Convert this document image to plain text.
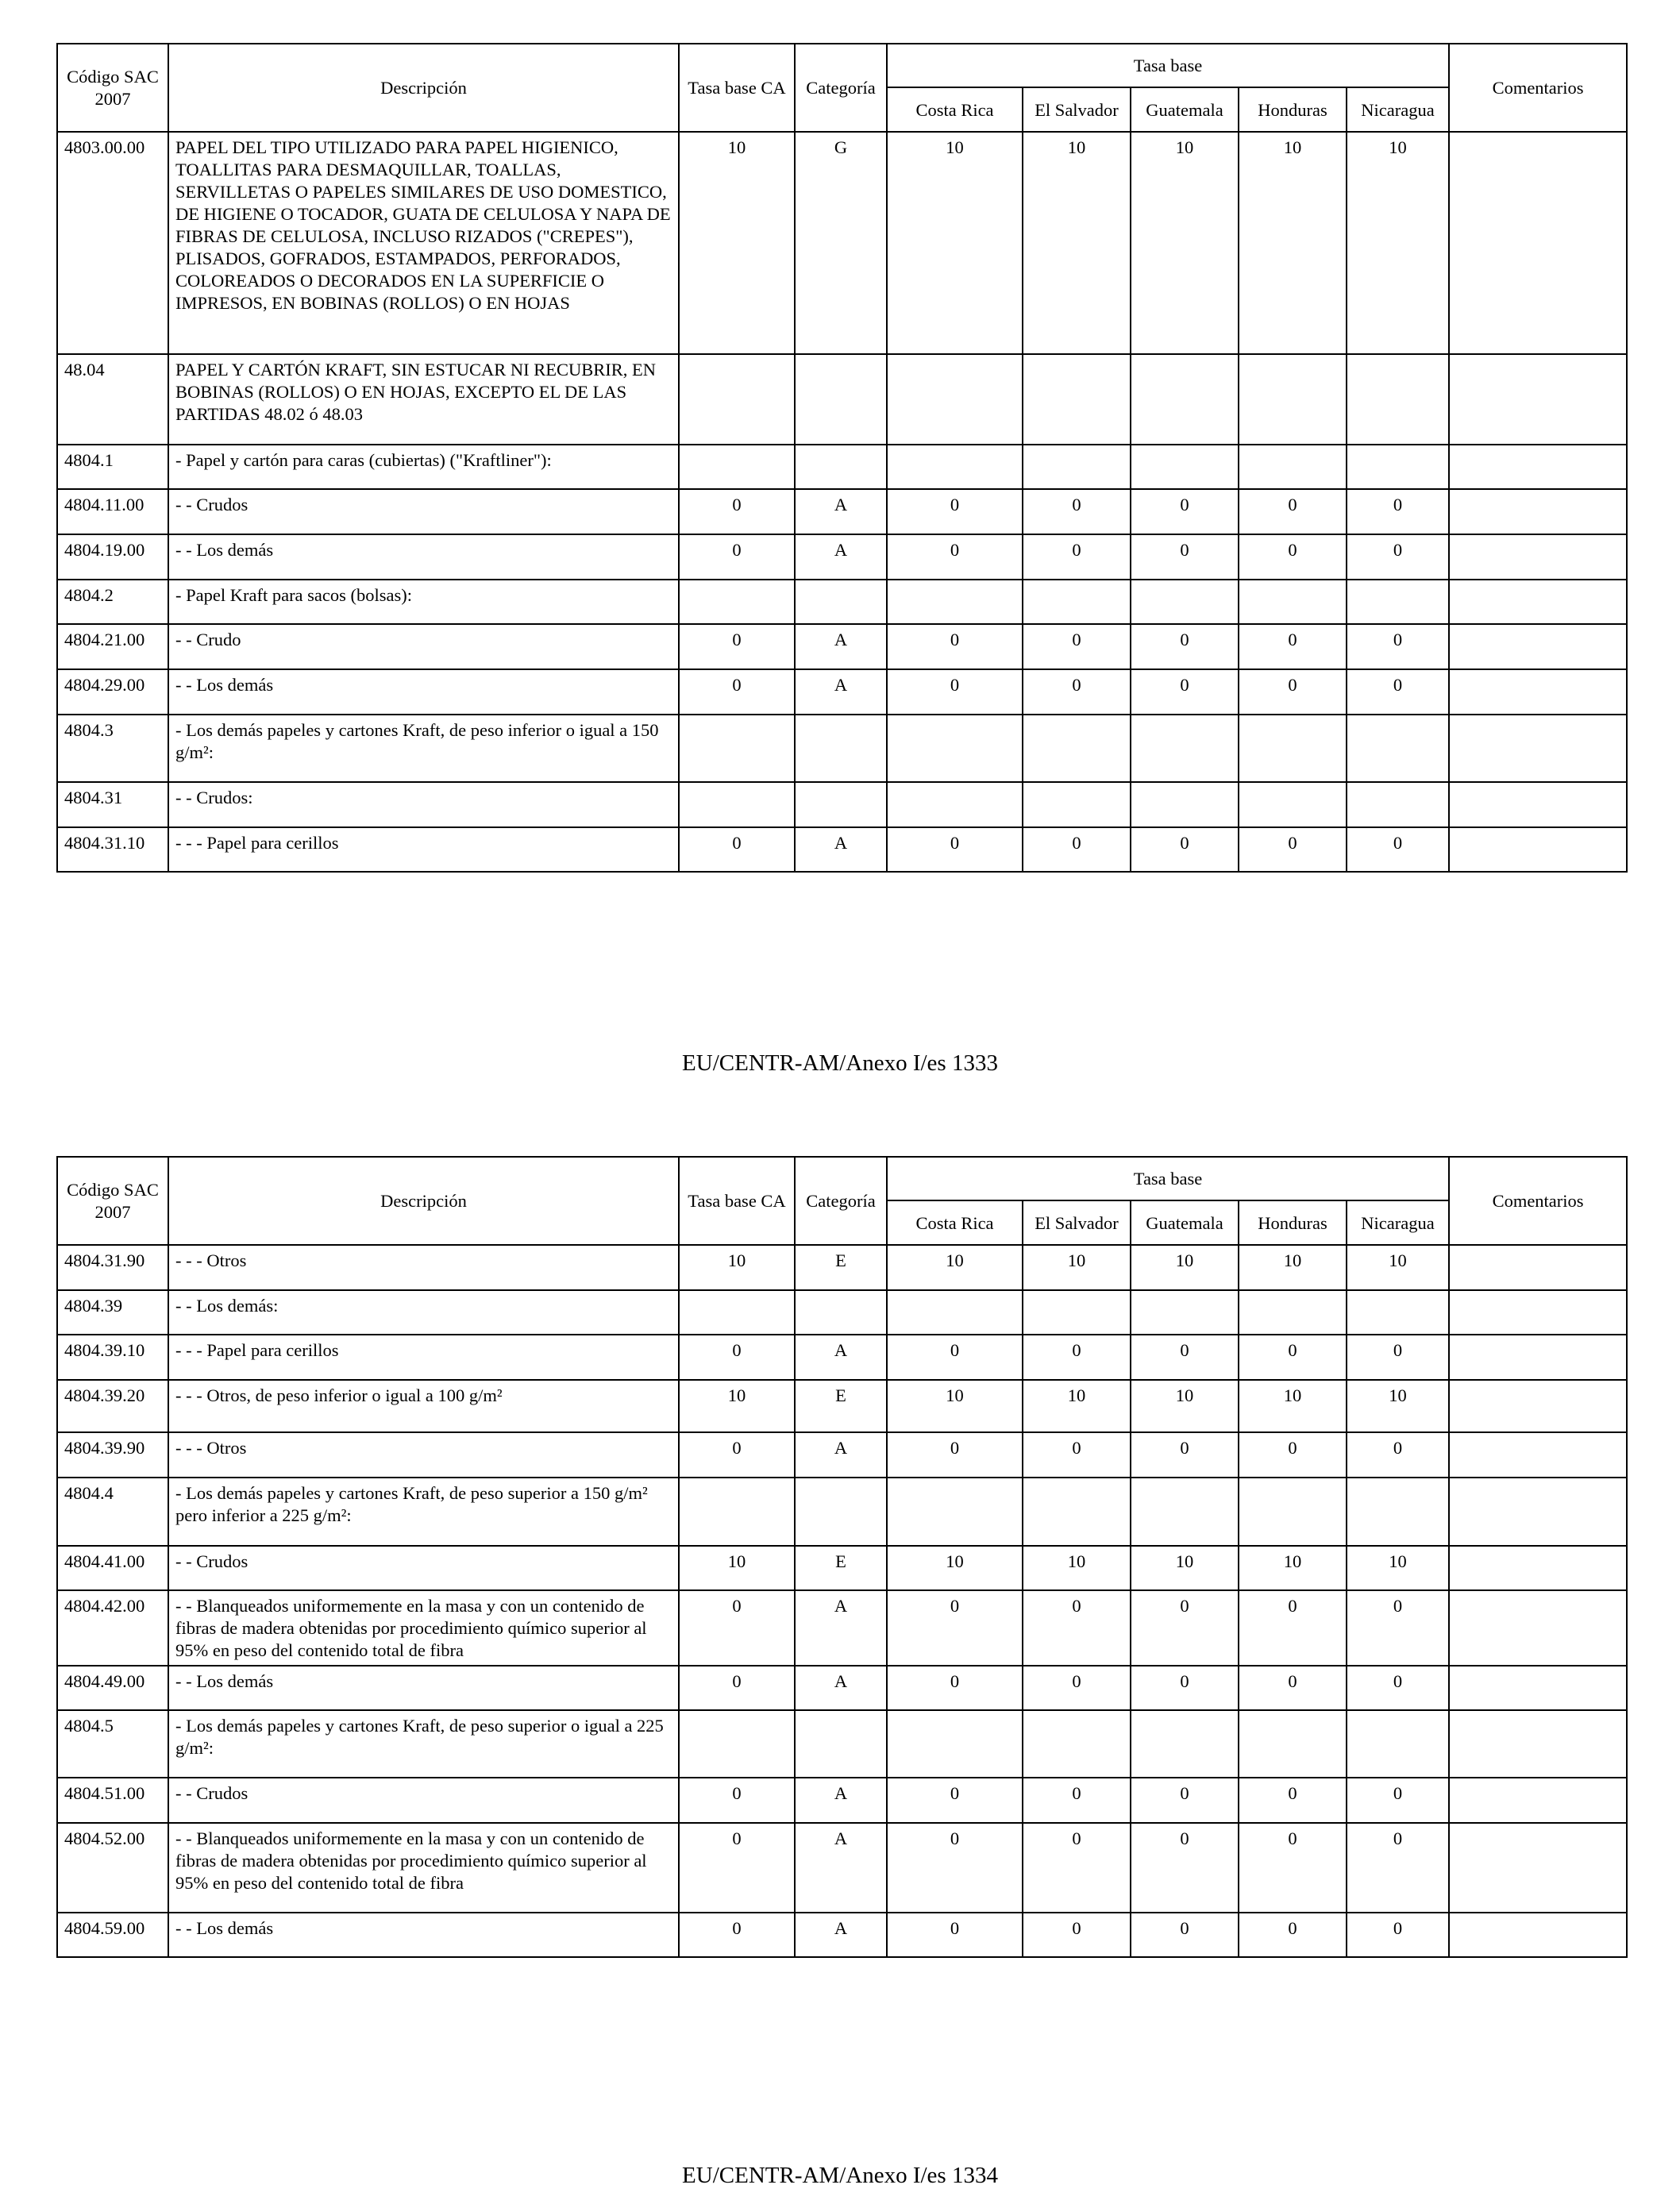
Código SAC 2007	Descripción	Tasa base CA	Categoría	Tasa base					Comentarios
				Costa Rica	El Salvador	Guatemala	Honduras	Nicaragua	
4803.00.00	PAPEL DEL TIPO UTILIZADO PARA PAPEL HIGIENICO, TOALLITAS PARA DESMAQUILLAR, TOALLAS, SERVILLETAS O PAPELES SIMILARES DE USO DOMESTICO, DE HIGIENE O TOCADOR, GUATA DE CELULOSA Y NAPA DE FIBRAS DE CELULOSA, INCLUSO RIZADOS ("CREPES"), PLISADOS, GOFRADOS, ESTAMPADOS, PERFORADOS, COLOREADOS O DECORADOS EN LA SUPERFICIE O IMPRESOS, EN BOBINAS (ROLLOS) O EN HOJAS	10	G	10	10	10	10	10	
48.04	PAPEL Y CARTÓN KRAFT, SIN ESTUCAR NI RECUBRIR, EN BOBINAS (ROLLOS) O EN HOJAS, EXCEPTO EL DE LAS PARTIDAS 48.02 ó 48.03								
4804.1	- Papel y cartón para caras (cubiertas) ("Kraftliner"):								
4804.11.00	- - Crudos	0	A	0	0	0	0	0	
4804.19.00	- - Los demás	0	A	0	0	0	0	0	
4804.2	- Papel Kraft para sacos (bolsas):								
4804.21.00	- - Crudo	0	A	0	0	0	0	0	
4804.29.00	- - Los demás	0	A	0	0	0	0	0	
4804.3	- Los demás papeles y cartones Kraft, de peso inferior o igual a 150 g/m²:								
4804.31	- - Crudos:								
4804.31.10	- - - Papel para cerillos	0	A	0	0	0	0	0	
EU/CENTR-AM/Anexo I/es 1333
Código SAC 2007	Descripción	Tasa base CA	Categoría	Tasa base					Comentarios
				Costa Rica	El Salvador	Guatemala	Honduras	Nicaragua	
4804.31.90	- - - Otros	10	E	10	10	10	10	10	
4804.39	- - Los demás:								
4804.39.10	- - - Papel para cerillos	0	A	0	0	0	0	0	
4804.39.20	- - - Otros, de peso inferior o igual a 100 g/m²	10	E	10	10	10	10	10	
4804.39.90	- - - Otros	0	A	0	0	0	0	0	
4804.4	- Los demás papeles y cartones Kraft, de peso superior a 150 g/m² pero inferior a 225 g/m²:								
4804.41.00	- - Crudos	10	E	10	10	10	10	10	
4804.42.00	- - Blanqueados uniformemente en la masa y con un contenido de fibras de madera obtenidas por procedimiento químico superior al 95% en peso del contenido total de fibra	0	A	0	0	0	0	0	
4804.49.00	- - Los demás	0	A	0	0	0	0	0	
4804.5	- Los demás papeles y cartones Kraft, de peso superior o igual a 225 g/m²:								
4804.51.00	- - Crudos	0	A	0	0	0	0	0	
4804.52.00	- - Blanqueados uniformemente en la masa y con un contenido de fibras de madera obtenidas por procedimiento químico superior al 95% en peso del contenido total de fibra	0	A	0	0	0	0	0	
4804.59.00	- - Los demás	0	A	0	0	0	0	0	
EU/CENTR-AM/Anexo I/es 1334
